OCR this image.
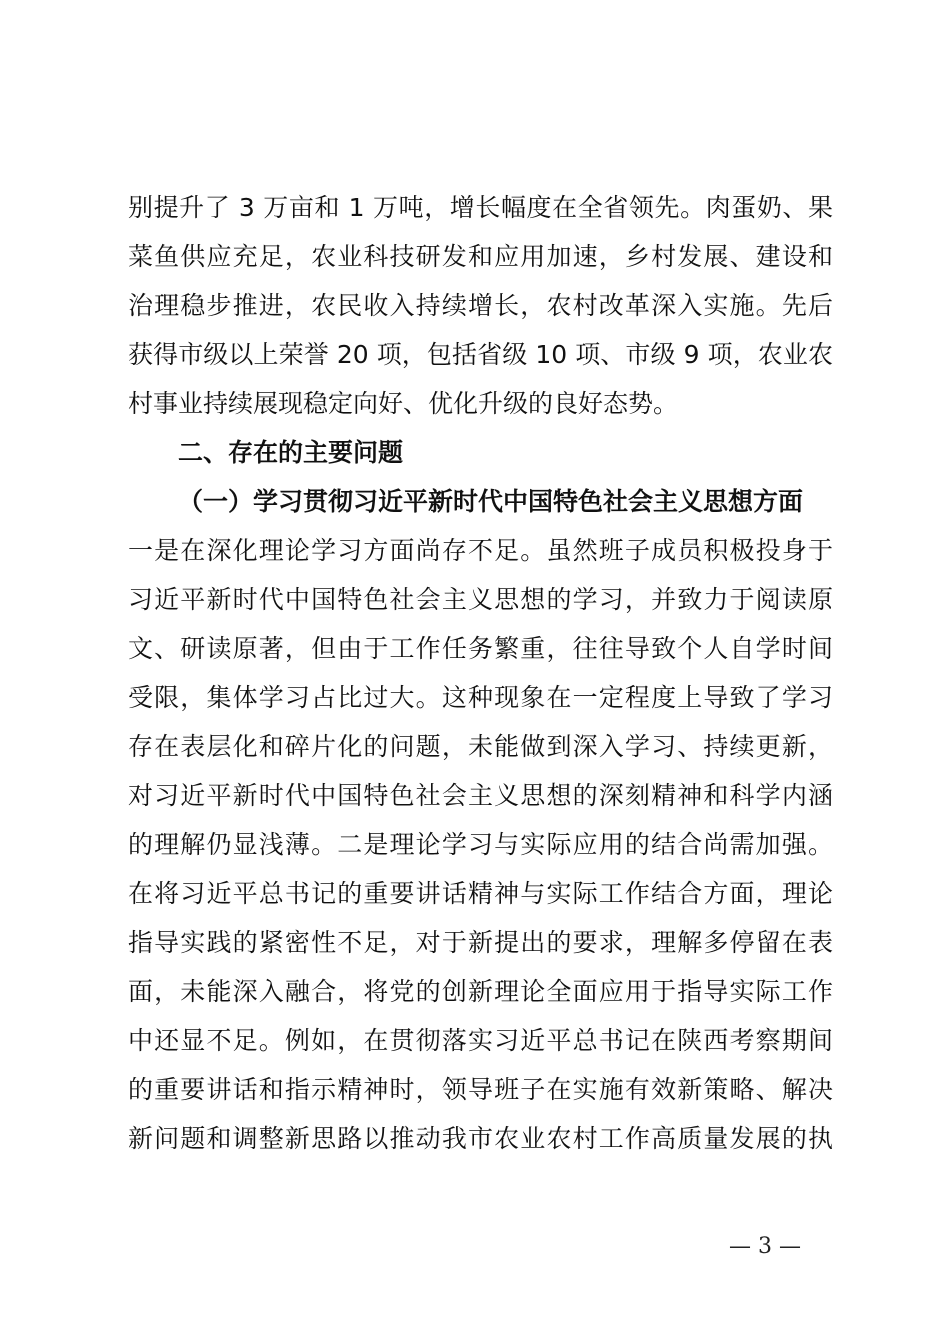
别提升了 3 万亩和 1 万吨，增长幅度在全省领先。肉蛋奶、果
菜鱼供应充足，农业科技研发和应用加速，乡村发展、建设和
治理稳步推进，农民收入持续增长，农村改革深入实施。先后
获得市级以上荣誉 20 项，包括省级 10 项、市级 9 项，农业农
村事业持续展现稳定向好、优化升级的良好态势。
二、存在的主要问题
（一）学习贯彻习近平新时代中国特色社会主义思想方面
一是在深化理论学习方面尚存不足。虽然班子成员积极投身于
习近平新时代中国特色社会主义思想的学习，并致力于阅读原
文、研读原著，但由于工作任务繁重，往往导致个人自学时间
受限，集体学习占比过大。这种现象在一定程度上导致了学习
存在表层化和碎片化的问题，未能做到深入学习、持续更新，
对习近平新时代中国特色社会主义思想的深刻精神和科学内涵
的理解仍显浅薄。二是理论学习与实际应用的结合尚需加强。
在将习近平总书记的重要讲话精神与实际工作结合方面，理论
指导实践的紧密性不足，对于新提出的要求，理解多停留在表
面，未能深入融合，将党的创新理论全面应用于指导实际工作
中还显不足。例如，在贯彻落实习近平总书记在陕西考察期间
的重要讲话和指示精神时，领导班子在实施有效新策略、解决
新问题和调整新思路以推动我市农业农村工作高质量发展的执
— 3 —
